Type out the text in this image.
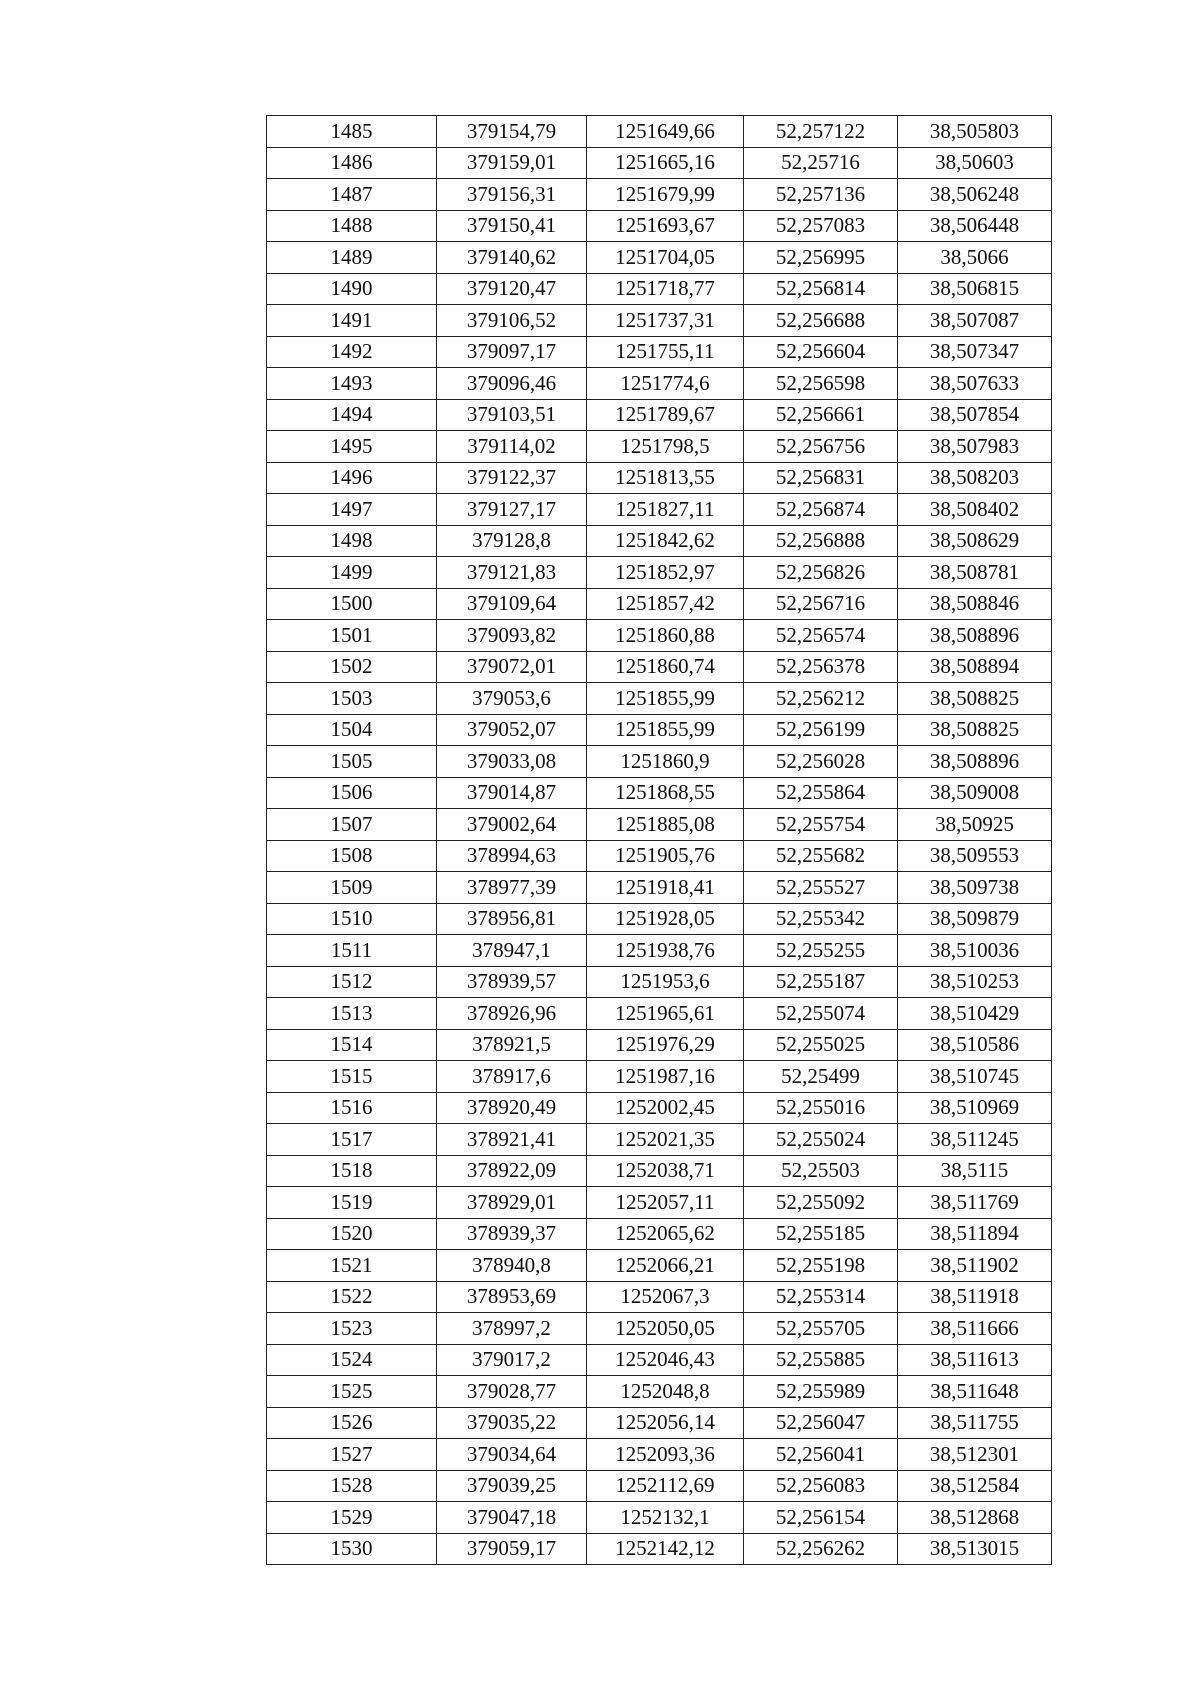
1485	379154,79	1251649,66	52,257122	38,505803
1486	379159,01	1251665,16	52,25716	38,50603
1487	379156,31	1251679,99	52,257136	38,506248
1488	379150,41	1251693,67	52,257083	38,506448
1489	379140,62	1251704,05	52,256995	38,5066
1490	379120,47	1251718,77	52,256814	38,506815
1491	379106,52	1251737,31	52,256688	38,507087
1492	379097,17	1251755,11	52,256604	38,507347
1493	379096,46	1251774,6	52,256598	38,507633
1494	379103,51	1251789,67	52,256661	38,507854
1495	379114,02	1251798,5	52,256756	38,507983
1496	379122,37	1251813,55	52,256831	38,508203
1497	379127,17	1251827,11	52,256874	38,508402
1498	379128,8	1251842,62	52,256888	38,508629
1499	379121,83	1251852,97	52,256826	38,508781
1500	379109,64	1251857,42	52,256716	38,508846
1501	379093,82	1251860,88	52,256574	38,508896
1502	379072,01	1251860,74	52,256378	38,508894
1503	379053,6	1251855,99	52,256212	38,508825
1504	379052,07	1251855,99	52,256199	38,508825
1505	379033,08	1251860,9	52,256028	38,508896
1506	379014,87	1251868,55	52,255864	38,509008
1507	379002,64	1251885,08	52,255754	38,50925
1508	378994,63	1251905,76	52,255682	38,509553
1509	378977,39	1251918,41	52,255527	38,509738
1510	378956,81	1251928,05	52,255342	38,509879
1511	378947,1	1251938,76	52,255255	38,510036
1512	378939,57	1251953,6	52,255187	38,510253
1513	378926,96	1251965,61	52,255074	38,510429
1514	378921,5	1251976,29	52,255025	38,510586
1515	378917,6	1251987,16	52,25499	38,510745
1516	378920,49	1252002,45	52,255016	38,510969
1517	378921,41	1252021,35	52,255024	38,511245
1518	378922,09	1252038,71	52,25503	38,5115
1519	378929,01	1252057,11	52,255092	38,511769
1520	378939,37	1252065,62	52,255185	38,511894
1521	378940,8	1252066,21	52,255198	38,511902
1522	378953,69	1252067,3	52,255314	38,511918
1523	378997,2	1252050,05	52,255705	38,511666
1524	379017,2	1252046,43	52,255885	38,511613
1525	379028,77	1252048,8	52,255989	38,511648
1526	379035,22	1252056,14	52,256047	38,511755
1527	379034,64	1252093,36	52,256041	38,512301
1528	379039,25	1252112,69	52,256083	38,512584
1529	379047,18	1252132,1	52,256154	38,512868
1530	379059,17	1252142,12	52,256262	38,513015
